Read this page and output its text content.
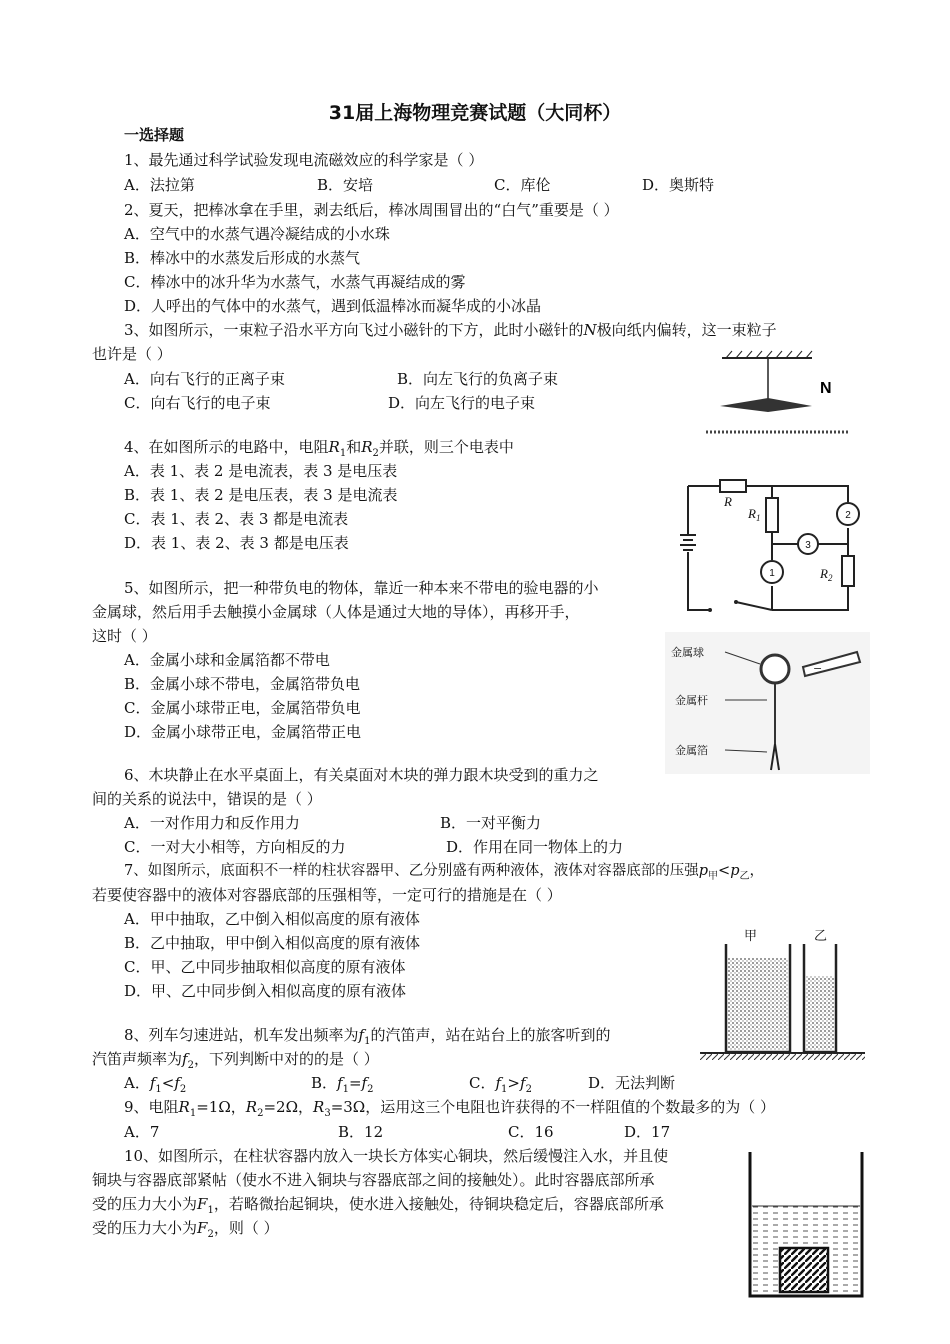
31届上海物理竞赛试题（大同杯）
一选择题
1、最先通过科学试验发现电流磁效应的科学家是（ ）
A．法拉第	B．安培	C．库伦	D．奥斯特
2、夏天，把棒冰拿在手里，剥去纸后，棒冰周围冒出的“白气”重要是（ ）
A．空气中的水蒸气遇冷凝结成的小水珠
B．棒冰中的水蒸发后形成的水蒸气
C．棒冰中的冰升华为水蒸气，水蒸气再凝结成的雾
D．人呼出的气体中的水蒸气，遇到低温棒冰而凝华成的小冰晶
3、如图所示，一束粒子沿水平方向飞过小磁针的下方，此时小磁针的N极向纸内偏转，这一束粒子
也许是（ ）
A．向右飞行的正离子束	B．向左飞行的负离子束
C．向右飞行的电子束	D．向左飞行的电子束
N
4、在如图所示的电路中，电阻$R_1$和$R_2$并联，则三个电表中
A．表 1、表 2 是电流表，表 3 是电压表
B．表 1、表 2 是电压表，表 3 是电流表
C．表 1、表 2、表 3 都是电流表
D．表 1、表 2、表 3 都是电压表
R
$R_1$
$R_2$
2
3
1
5、如图所示，把一种带负电的物体，靠近一种本来不带电的验电器的小
金属球，然后用手去触摸小金属球（人体是通过大地的导体），再移开手，
这时（ ）
A．金属小球和金属箔都不带电
B．金属小球不带电，金属箔带负电
C．金属小球带正电，金属箔带负电
D．金属小球带正电，金属箔带正电
金属球
金属杆
金属箔
−
6、木块静止在水平桌面上，有关桌面对木块的弹力跟木块受到的重力之
间的关系的说法中，错误的是（ ）
A．一对作用力和反作用力	B．一对平衡力
C．一对大小相等，方向相反的力	D．作用在同一物体上的力
7、如图所示，底面积不一样的柱状容器甲、乙分别盛有两种液体，液体对容器底部的压强$p_甲<p_乙$，
若要使容器中的液体对容器底部的压强相等，一定可行的措施是在（ ）
A．甲中抽取，乙中倒入相似高度的原有液体
B．乙中抽取，甲中倒入相似高度的原有液体
C．甲、乙中同步抽取相似高度的原有液体
D．甲、乙中同步倒入相似高度的原有液体
甲	乙
8、列车匀速进站，机车发出频率为$f_1$的汽笛声，站在站台上的旅客听到的
汽笛声频率为$f_2$，下列判断中对的的是（ ）
A．$f_1<f_2$	B．$f_1=f_2$	C．$f_1>f_2$	D．无法判断
9、电阻$R_1=1\Omega$，$R_2=2\Omega$，$R_3=3\Omega$，运用这三个电阻也许获得的不一样阻值的个数最多的为（ ）
A．7	B．12	C．16	D．17
10、如图所示，在柱状容器内放入一块长方体实心铜块，然后缓慢注入水，并且使
铜块与容器底部紧帖（使水不进入铜块与容器底部之间的接触处）。此时容器底部所承
受的压力大小为$F_1$，若略微抬起铜块，使水进入接触处，待铜块稳定后，容器底部所承
受的压力大小为$F_2$，则（ ）
